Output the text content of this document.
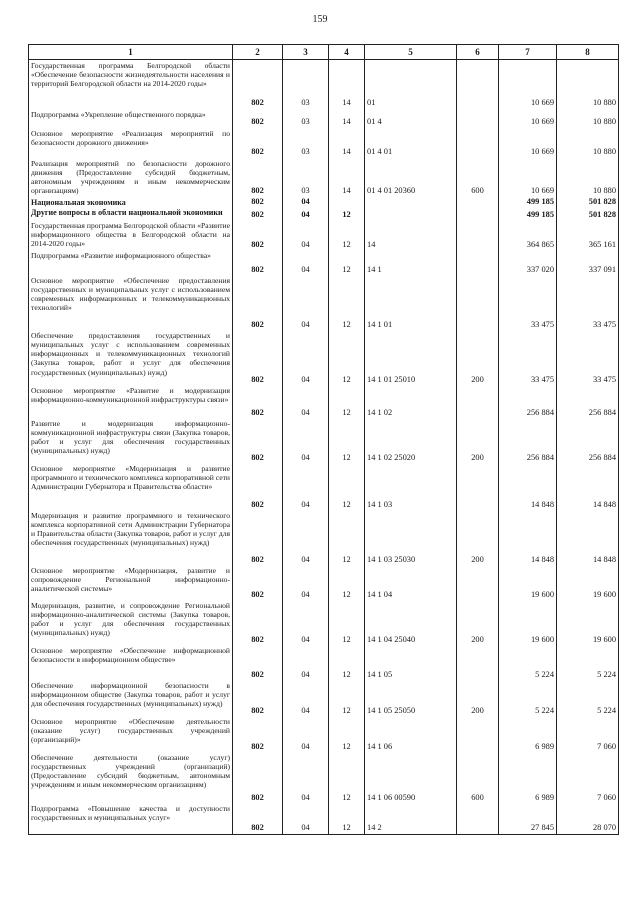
159
1	2	3	4	5	6	7	8
Государственная программа Белгородской области «Обеспечение безопасности жизнедеятельности населения и территорий Белгородской области на 2014-2020 годы»	802	03	14	01		10 669	10 880
Подпрограмма «Укрепление общественного порядка»	802	03	14	01 4		10 669	10 880
Основное мероприятие «Реализация мероприятий по безопасности дорожного движения»	802	03	14	01 4 01		10 669	10 880
Реализация мероприятий по безопасности дорожного движения (Предоставление субсидий бюджетным, автономным учреждениям и иным некоммерческим организациям)	802	03	14	01 4 01 20360	600	10 669	10 880
Национальная экономика	802	04				499 185	501 828
Другие вопросы в области национальной экономики	802	04	12			499 185	501 828
Государственная программа Белгородской области «Развитие информационного общества в Белгородской области на 2014-2020 годы»	802	04	12	14		364 865	365 161
Подпрограмма «Развитие информационного общества»	802	04	12	14 1		337 020	337 091
Основное мероприятие «Обеспечение предоставления государственных и муниципальных услуг с использованием современных информационных и телекоммуникационных технологий»	802	04	12	14 1 01		33 475	33 475
Обеспечение предоставления государственных и муниципальных услуг с использованием современных информационных и телекоммуникационных технологий (Закупка товаров, работ и услуг для обеспечения государственных (муниципальных) нужд)	802	04	12	14 1 01 25010	200	33 475	33 475
Основное мероприятие «Развитие и модернизация информационно-коммуникационной инфраструктуры связи»	802	04	12	14 1 02		256 884	256 884
Развитие и модернизация информационно-коммуникационной инфраструктуры связи (Закупка товаров, работ и услуг для обеспечения государственных (муниципальных) нужд)	802	04	12	14 1 02 25020	200	256 884	256 884
Основное мероприятие «Модернизация и развитие программного и технического комплекса корпоративной сети Администрации Губернатора и Правительства области»	802	04	12	14 1 03		14 848	14 848
Модернизация и развитие программного и технического комплекса корпоративной сети Администрации Губернатора и Правительства области (Закупка товаров, работ и услуг для обеспечения государственных (муниципальных) нужд)	802	04	12	14 1 03 25030	200	14 848	14 848
Основное мероприятие «Модернизация, развитие и сопровождение Региональной информационно-аналитической системы»	802	04	12	14 1 04		19 600	19 600
Модернизация, развитие, и сопровождение Региональной информационно-аналитической системы (Закупка товаров, работ и услуг для обеспечения государственных (муниципальных) нужд)	802	04	12	14 1 04 25040	200	19 600	19 600
Основное мероприятие «Обеспечение информационной безопасности в информационном обществе»	802	04	12	14 1 05		5 224	5 224
Обеспечение информационной безопасности в информационном обществе (Закупка товаров, работ и услуг для обеспечения государственных (муниципальных) нужд)	802	04	12	14 1 05 25050	200	5 224	5 224
Основное мероприятие «Обеспечение деятельности (оказание услуг) государственных учреждений (организаций)»	802	04	12	14 1 06		6 989	7 060
Обеспечение деятельности (оказание услуг) государственных учреждений (организаций) (Предоставление субсидий бюджетным, автономным учреждениям и иным некоммерческим организациям)	802	04	12	14 1 06 00590	600	6 989	7 060
Подпрограмма «Повышение качества и доступности государственных и муниципальных услуг»	802	04	12	14 2		27 845	28 070
